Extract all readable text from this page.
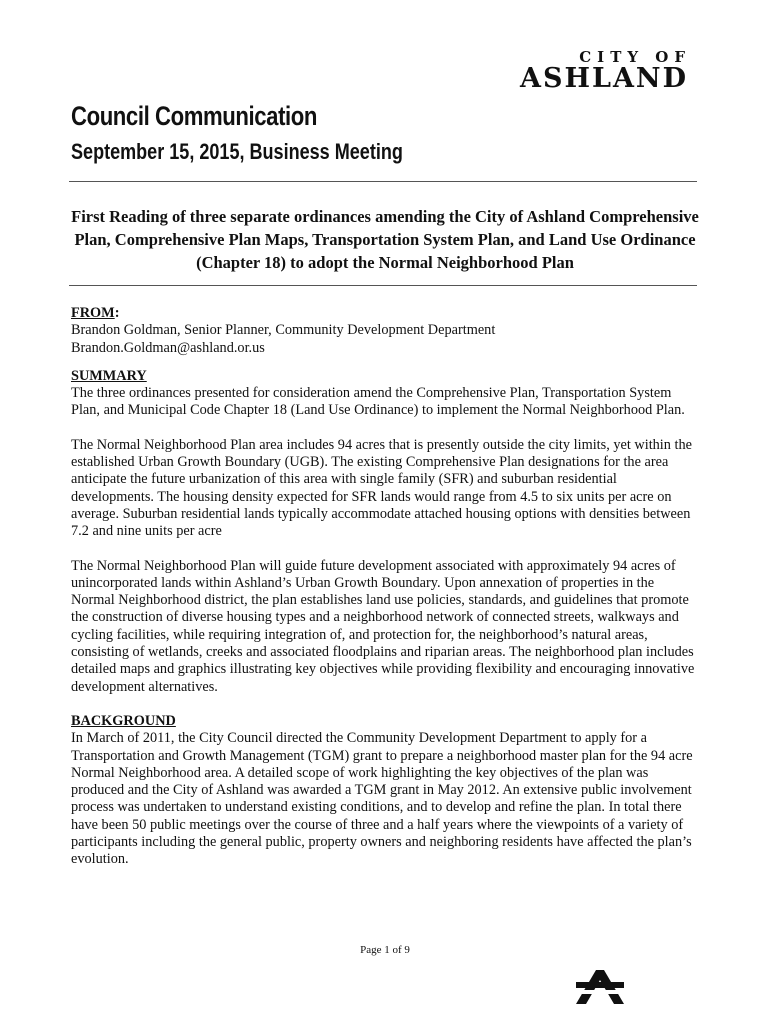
CITY OF
ASHLAND
Council Communication
September 15, 2015, Business Meeting
First Reading of three separate ordinances amending the City of Ashland Comprehensive Plan, Comprehensive Plan Maps, Transportation System Plan, and Land Use Ordinance (Chapter 18) to adopt the Normal Neighborhood Plan
FROM:
Brandon Goldman, Senior Planner, Community Development Department
Brandon.Goldman@ashland.or.us
SUMMARY

The three ordinances presented for consideration amend the Comprehensive Plan, Transportation System Plan, and Municipal Code Chapter 18 (Land Use Ordinance) to implement the Normal Neighborhood Plan.

The Normal Neighborhood Plan area includes 94 acres that is presently outside the city limits, yet within the established Urban Growth Boundary (UGB). The existing Comprehensive Plan designations for the area anticipate the future urbanization of this area with single family (SFR) and suburban residential developments. The housing density expected for SFR lands would range from 4.5 to six units per acre on average. Suburban residential lands typically accommodate attached housing options with densities between 7.2 and nine units per acre

The Normal Neighborhood Plan will guide future development associated with approximately 94 acres of unincorporated lands within Ashland’s Urban Growth Boundary. Upon annexation of properties in the Normal Neighborhood district, the plan establishes land use policies, standards, and guidelines that promote the construction of diverse housing types and a neighborhood network of connected streets, walkways and cycling facilities, while requiring integration of, and protection for, the neighborhood’s natural areas, consisting of wetlands, creeks and associated floodplains and riparian areas. The neighborhood plan includes detailed maps and graphics illustrating key objectives while providing flexibility and encouraging innovative development alternatives.

BACKGROUND

In March of 2011, the City Council directed the Community Development Department to apply for a Transportation and Growth Management (TGM) grant to prepare a neighborhood master plan for the 94 acre Normal Neighborhood area. A detailed scope of work highlighting the key objectives of the plan was produced and the City of Ashland was awarded a TGM grant in May 2012. An extensive public involvement process was undertaken to understand existing conditions, and to develop and refine the plan. In total there have been 50 public meetings over the course of three and a half years where the viewpoints of a variety of participants including the general public, property owners and neighboring residents have affected the plan’s evolution.

Page 1 of 9
